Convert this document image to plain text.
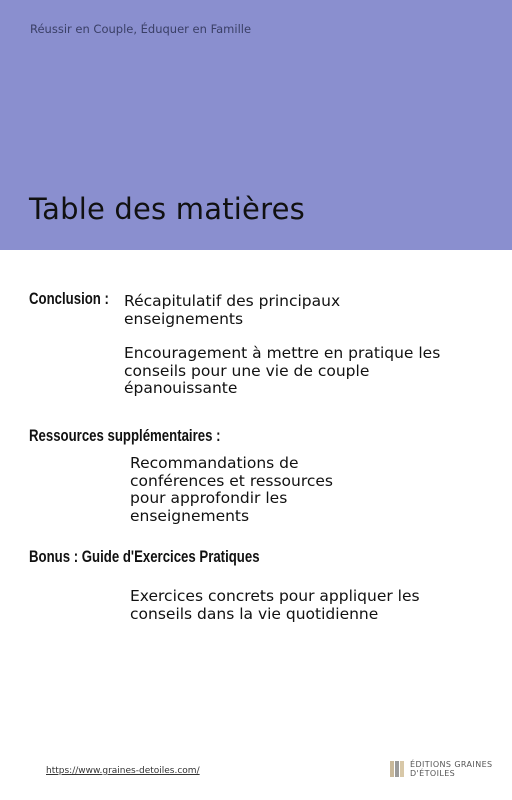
Réussir en Couple, Éduquer en Famille
Table des matières
Conclusion : Récapitulatif des principaux enseignements
Encouragement à mettre en pratique les conseils pour une vie de couple épanouissante
Ressources supplémentaires :
Recommandations de conférences et ressources pour approfondir les enseignements
Bonus : Guide d'Exercices Pratiques
Exercices concrets pour appliquer les conseils dans la vie quotidienne
https://www.graines-detoiles.com/
ÉDITIONS GRAINES
D'ÉTOILES
